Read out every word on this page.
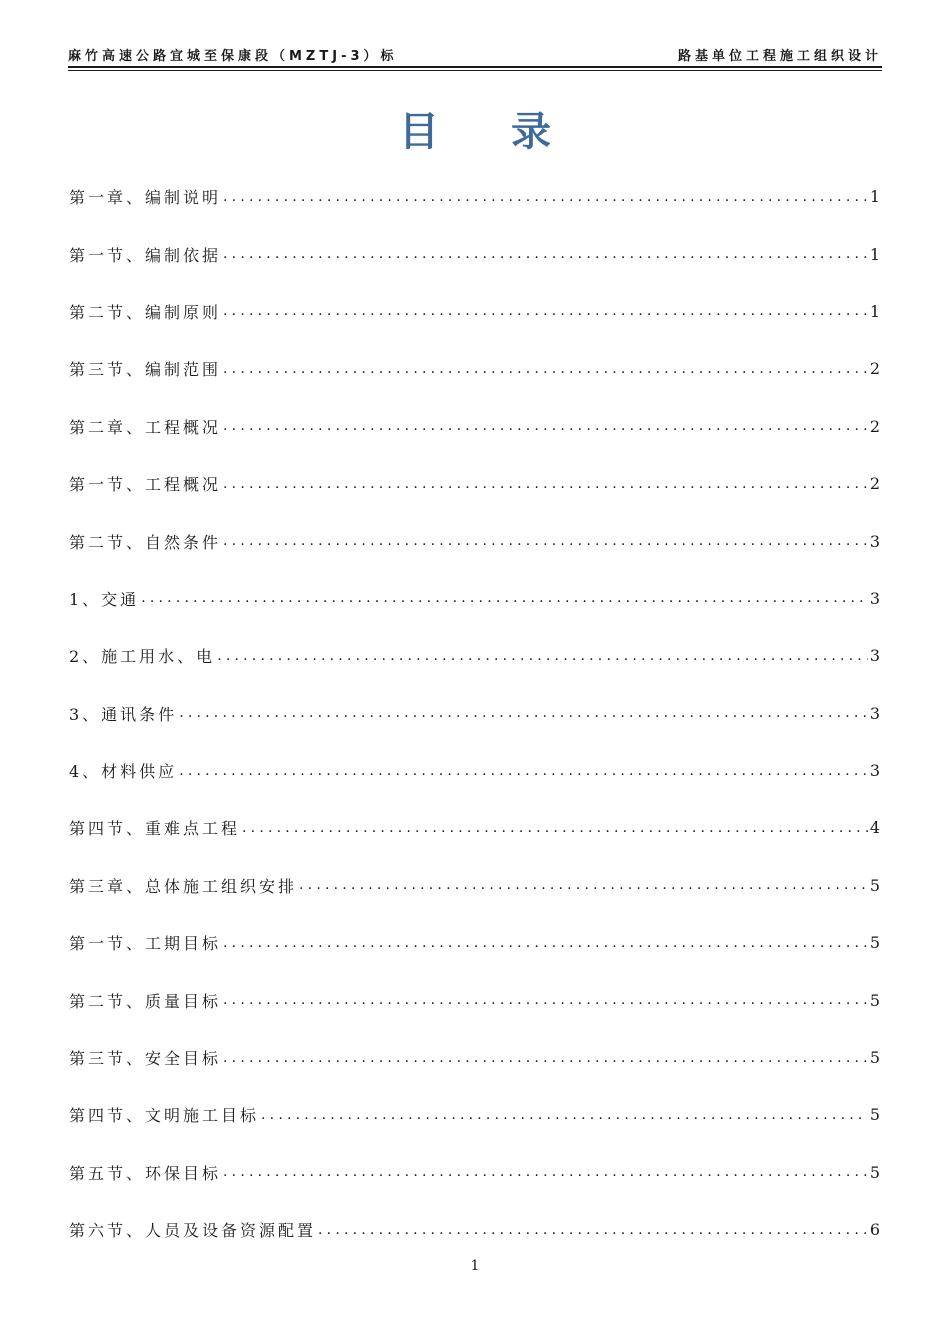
麻竹高速公路宜城至保康段（MZTJ-3）标	路基单位工程施工组织设计
目录
第一章、编制说明 .....	1
第一节、编制依据 .....	1
第二节、编制原则 .....	1
第三节、编制范围 .....	2
第二章、工程概况 .....	2
第一节、工程概况 .....	2
第二节、自然条件 .....	3
1、交通 .....	3
2、施工用水、电 .....	3
3、通讯条件 .....	3
4、材料供应 .....	3
第四节、重难点工程 .....	4
第三章、总体施工组织安排 .....	5
第一节、工期目标 .....	5
第二节、质量目标 .....	5
第三节、安全目标 .....	5
第四节、文明施工目标 .....	5
第五节、环保目标 .....	5
第六节、人员及设备资源配置 .....	6
1
